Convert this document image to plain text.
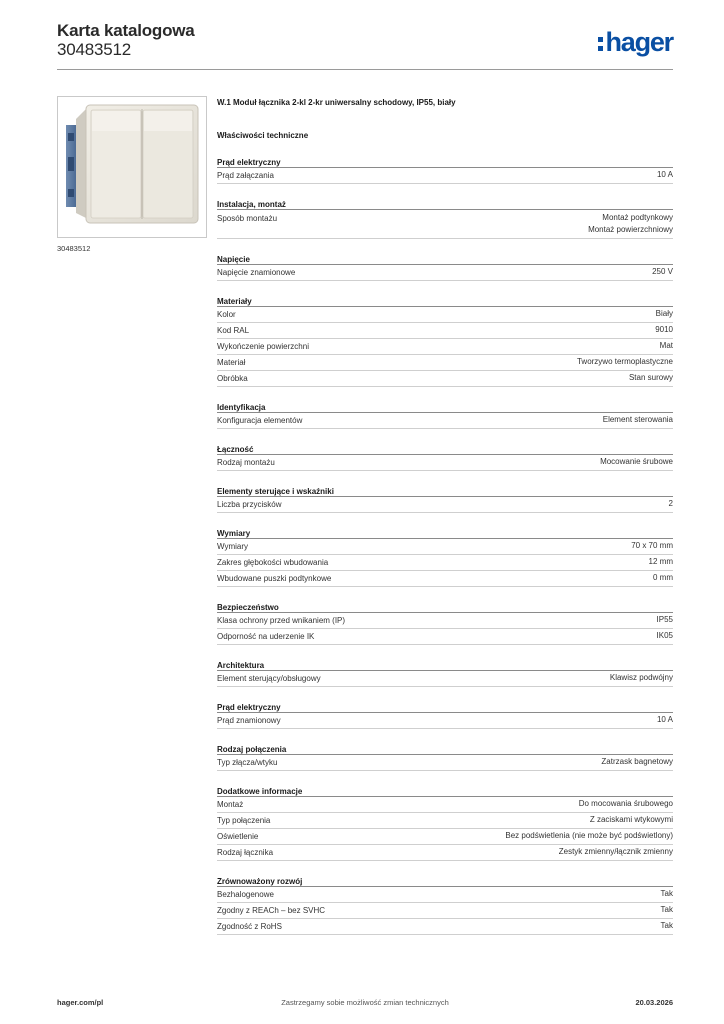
Karta katalogowa
30483512	hager
30483512
W.1 Moduł łącznika 2-kl 2-kr uniwersalny schodowy, IP55, biały
Właściwości techniczne
Prąd elektryczny
Prąd załączania	10 A
Instalacja, montaż
Sposób montażu	Montaż podtynkowy
Montaż powierzchniowy
Napięcie
Napięcie znamionowe	250 V
Materiały
Kolor	Biały
Kod RAL	9010
Wykończenie powierzchni	Mat
Materiał	Tworzywo termoplastyczne
Obróbka	Stan surowy
Identyfikacja
Konfiguracja elementów	Element sterowania
Łączność
Rodzaj montażu	Mocowanie śrubowe
Elementy sterujące i wskaźniki
Liczba przycisków	2
Wymiary
Wymiary	70 x 70 mm
Zakres głębokości wbudowania	12 mm
Wbudowane puszki podtynkowe	0 mm
Bezpieczeństwo
Klasa ochrony przed wnikaniem (IP)	IP55
Odporność na uderzenie IK	IK05
Architektura
Element sterujący/obsługowy	Klawisz podwójny
Prąd elektryczny
Prąd znamionowy	10 A
Rodzaj połączenia
Typ złącza/wtyku	Zatrzask bagnetowy
Dodatkowe informacje
Montaż	Do mocowania śrubowego
Typ połączenia	Z zaciskami wtykowymi
Oświetlenie	Bez podświetlenia (nie może być podświetlony)
Rodzaj łącznika	Zestyk zmienny/łącznik zmienny
Zrównoważony rozwój
Bezhalogenowe	Tak
Zgodny z REACh – bez SVHC	Tak
Zgodność z RoHS	Tak
hager.com/pl	Zastrzegamy sobie możliwość zmian technicznych	20.03.2026
